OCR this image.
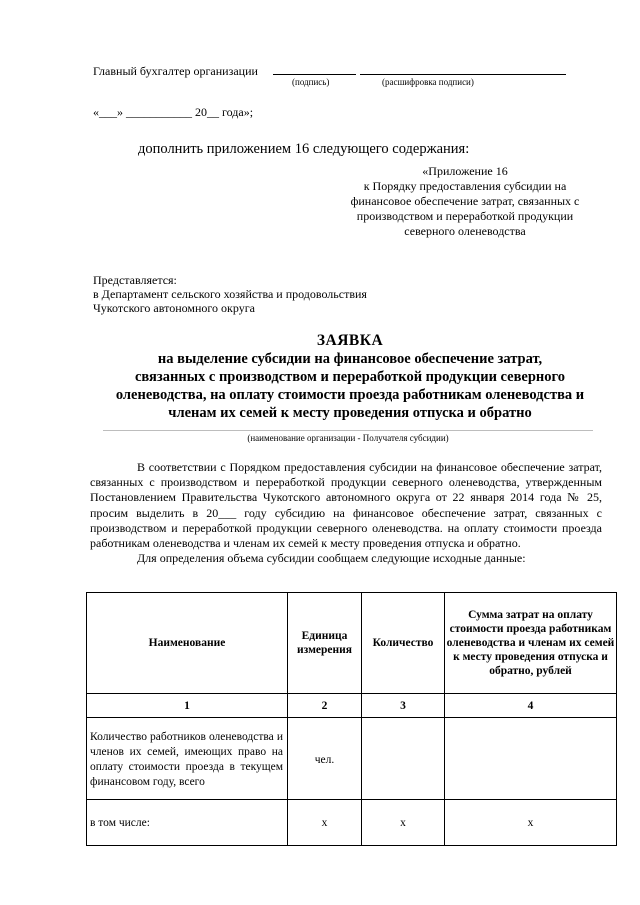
Главный бухгалтер организации
(подпись)	(расшифровка подписи)
«___» ___________ 20__ года»;
дополнить приложением 16 следующего содержания:
«Приложение 16
к Порядку предоставления субсидии на
финансовое обеспечение затрат, связанных с
производством и переработкой продукции
северного оленеводства
Представляется:
в Департамент сельского хозяйства и продовольствия
Чукотского автономного округа
ЗАЯВКА
на выделение субсидии на финансовое обеспечение затрат,
связанных с производством и переработкой продукции северного
оленеводства, на оплату стоимости проезда работникам оленеводства и
членам их семей к месту проведения отпуска и обратно
(наименование организации - Получателя субсидии)

В соответствии с Порядком предоставления субсидии на финансовое обеспечение затрат, связанных с производством и переработкой продукции северного оленеводства, утвержденным Постановлением Правительства Чукотского автономного округа от 22 января 2014 года № 25, просим выделить в 20___ году субсидию на финансовое обеспечение затрат, связанных с производством и переработкой продукции северного оленеводства. на оплату стоимости проезда работникам оленеводства и членам их семей к месту проведения отпуска и обратно.

Для определения объема субсидии сообщаем следующие исходные данные:

Наименование	Единица измерения	Количество	Сумма затрат на оплату стоимости проезда работникам оленеводства и членам их семей к месту проведения отпуска и обратно, рублей
1	2	3	4
Количество работников оленеводства и членов их семей, имеющих право на оплату стоимости проезда в текущем финансовом году, всего	чел.		
в том числе:	х	х	х
